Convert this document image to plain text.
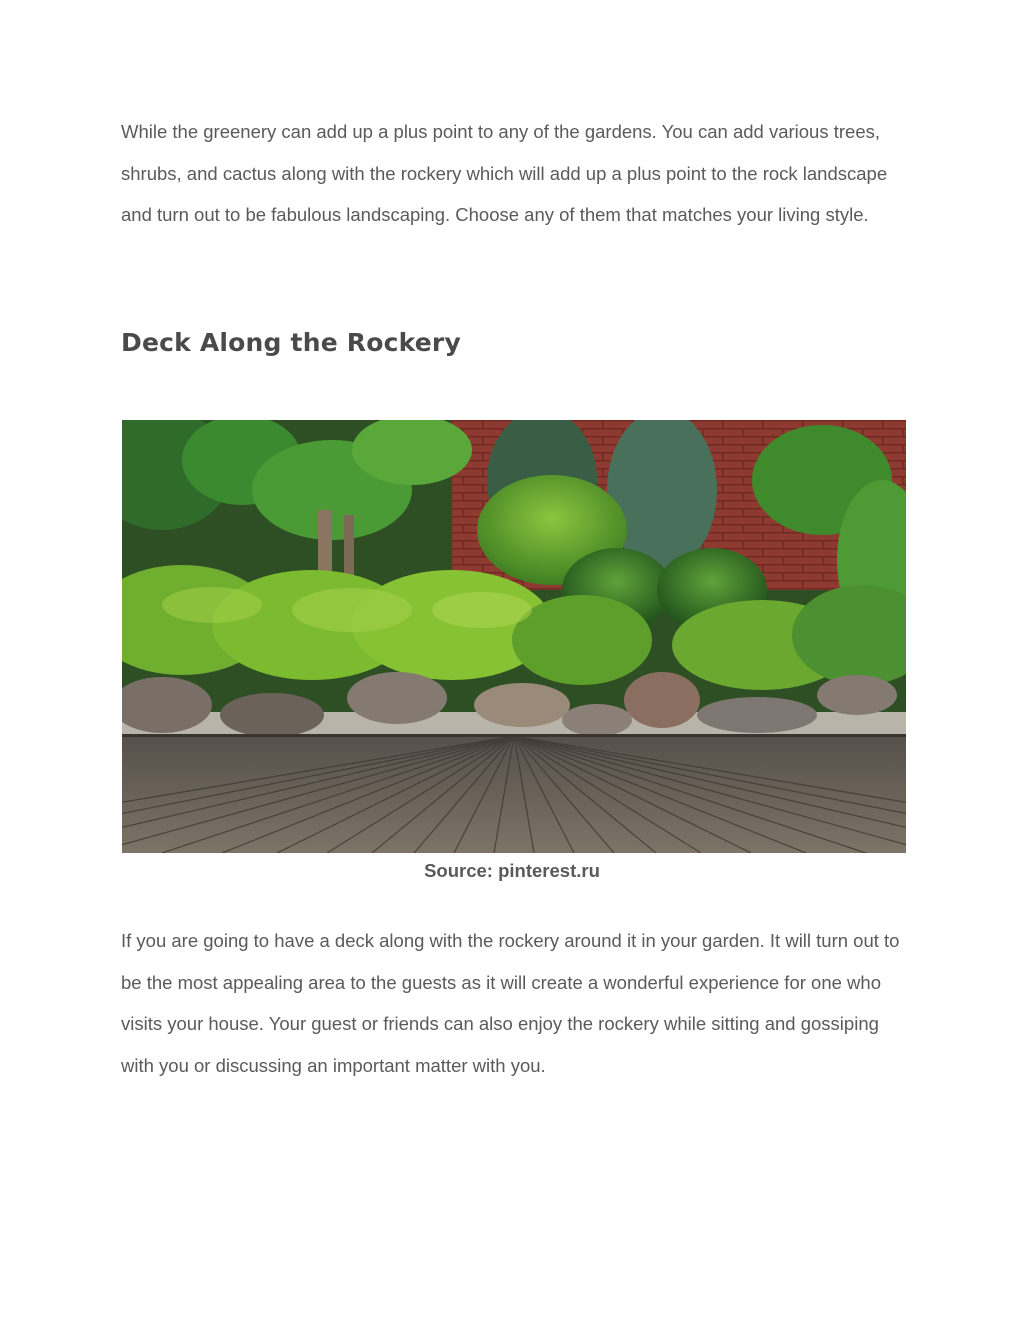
While the greenery can add up a plus point to any of the gardens. You can add various trees, shrubs, and cactus along with the rockery which will add up a plus point to the rock landscape and turn out to be fabulous landscaping. Choose any of them that matches your living style.

Deck Along the Rockery

Source: pinterest.ru

If you are going to have a deck along with the rockery around it in your garden. It will turn out to be the most appealing area to the guests as it will create a wonderful experience for one who visits your house. Your guest or friends can also enjoy the rockery while sitting and gossiping with you or discussing an important matter with you.
